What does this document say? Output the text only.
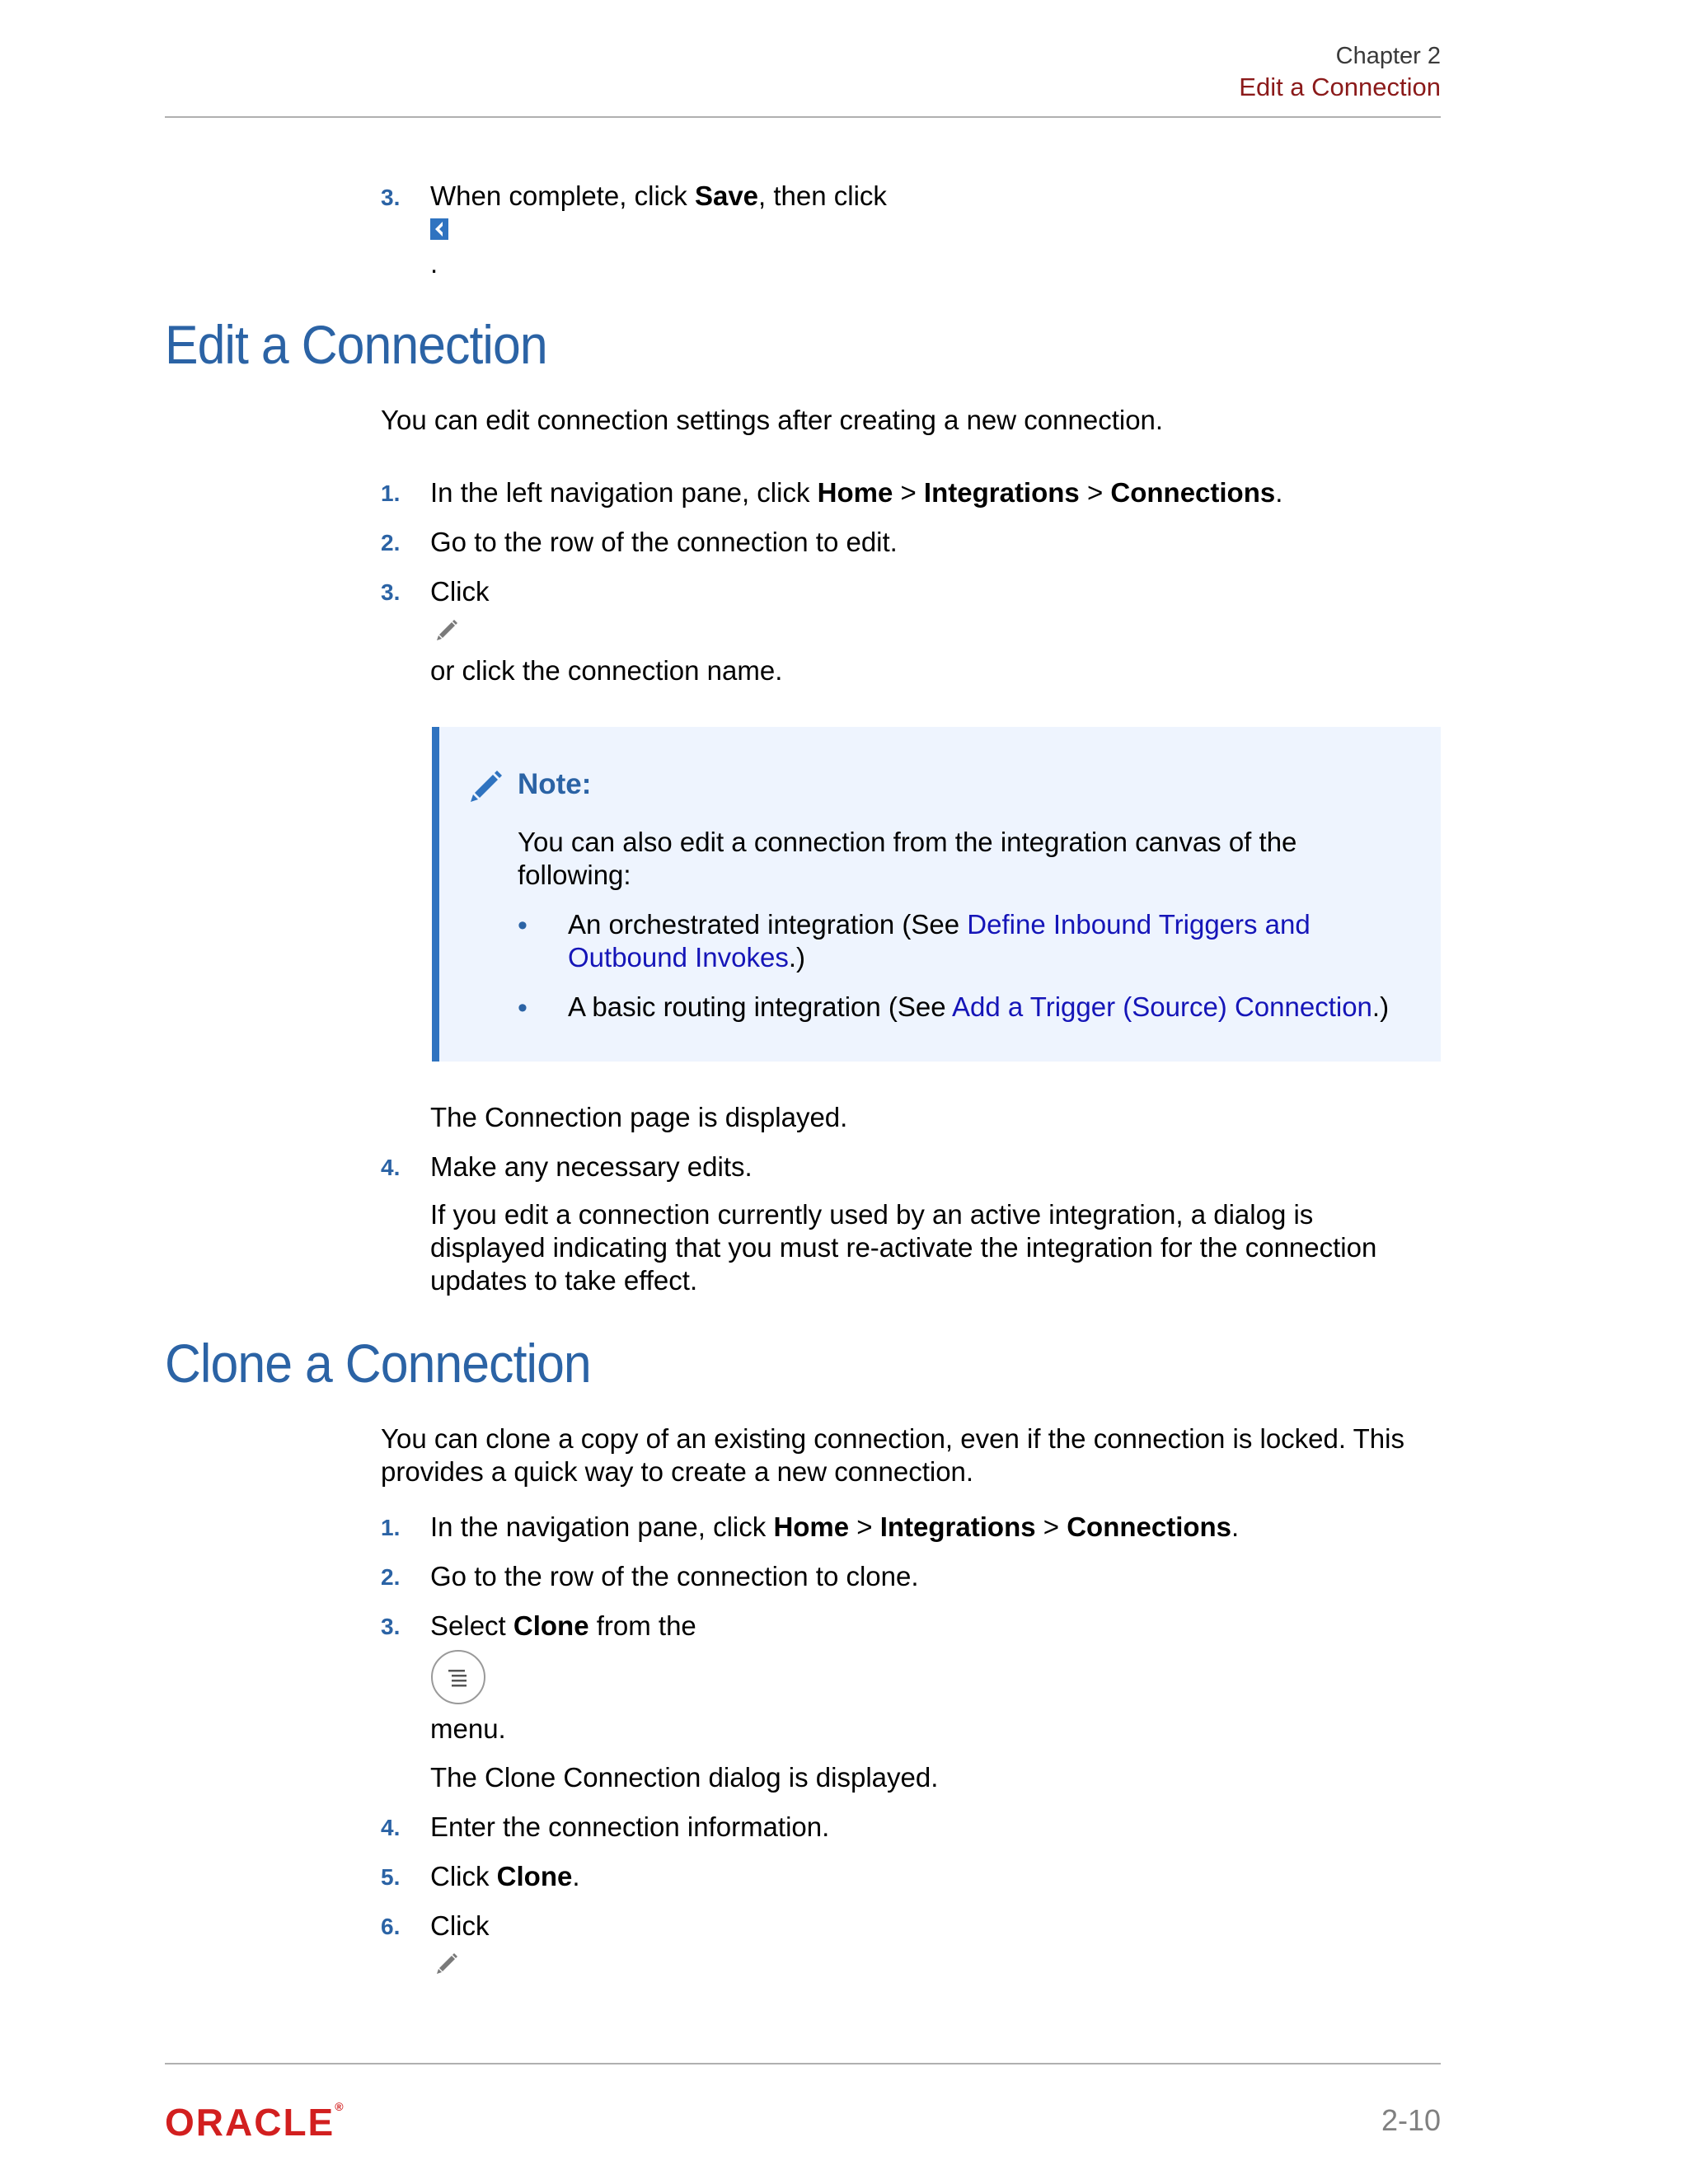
Chapter 2
Edit a Connection
3. When complete, click Save, then click
.
Edit a Connection
You can edit connection settings after creating a new connection.
1. In the left navigation pane, click Home > Integrations > Connections.
2. Go to the row of the connection to edit.
3. Click
or click the connection name.
Note:
You can also edit a connection from the integration canvas of the following:
• An orchestrated integration (See Define Inbound Triggers and Outbound Invokes.)
• A basic routing integration (See Add a Trigger (Source) Connection.)
The Connection page is displayed.
4. Make any necessary edits.
If you edit a connection currently used by an active integration, a dialog is displayed indicating that you must re-activate the integration for the connection updates to take effect.
Clone a Connection
You can clone a copy of an existing connection, even if the connection is locked. This provides a quick way to create a new connection.
1. In the navigation pane, click Home > Integrations > Connections.
2. Go to the row of the connection to clone.
3. Select Clone from the
menu.
The Clone Connection dialog is displayed.
4. Enter the connection information.
5. Click Clone.
6. Click
ORACLE®	2-10
